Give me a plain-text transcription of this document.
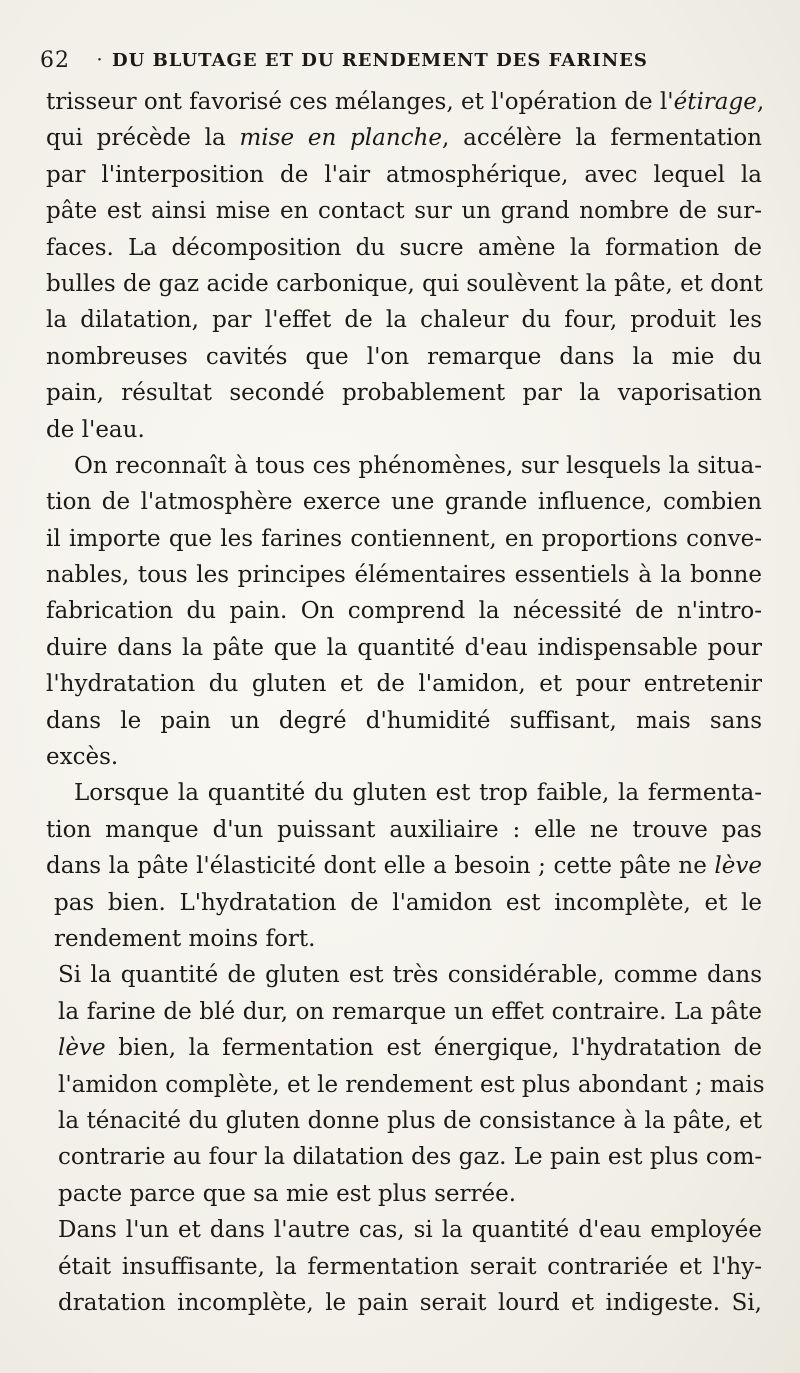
62	· DU BLUTAGE ET DU RENDEMENT DES FARINES
trisseur ont favorisé ces mélanges, et l'opération de l'étirage,
qui précède la mise en planche, accélère la fermentation
par l'interposition de l'air atmosphérique, avec lequel la
pâte est ainsi mise en contact sur un grand nombre de sur-
faces. La décomposition du sucre amène la formation de
bulles de gaz acide carbonique, qui soulèvent la pâte, et dont
la dilatation, par l'effet de la chaleur du four, produit les
nombreuses cavités que l'on remarque dans la mie du
pain, résultat secondé probablement par la vaporisation
de l'eau.
On reconnaît à tous ces phénomènes, sur lesquels la situa-
tion de l'atmosphère exerce une grande influence, combien
il importe que les farines contiennent, en proportions conve-
nables, tous les principes élémentaires essentiels à la bonne
fabrication du pain. On comprend la nécessité de n'intro-
duire dans la pâte que la quantité d'eau indispensable pour
l'hydratation du gluten et de l'amidon, et pour entretenir
dans le pain un degré d'humidité suffisant, mais sans
excès.
Lorsque la quantité du gluten est trop faible, la fermenta-
tion manque d'un puissant auxiliaire : elle ne trouve pas
dans la pâte l'élasticité dont elle a besoin ; cette pâte ne lève
pas bien. L'hydratation de l'amidon est incomplète, et le
rendement moins fort.
Si la quantité de gluten est très considérable, comme dans
la farine de blé dur, on remarque un effet contraire. La pâte
lève bien, la fermentation est énergique, l'hydratation de
l'amidon complète, et le rendement est plus abondant ; mais
la ténacité du gluten donne plus de consistance à la pâte, et
contrarie au four la dilatation des gaz. Le pain est plus com-
pacte parce que sa mie est plus serrée.
Dans l'un et dans l'autre cas, si la quantité d'eau employée
était insuffisante, la fermentation serait contrariée et l'hy-
dratation incomplète, le pain serait lourd et indigeste. Si,
